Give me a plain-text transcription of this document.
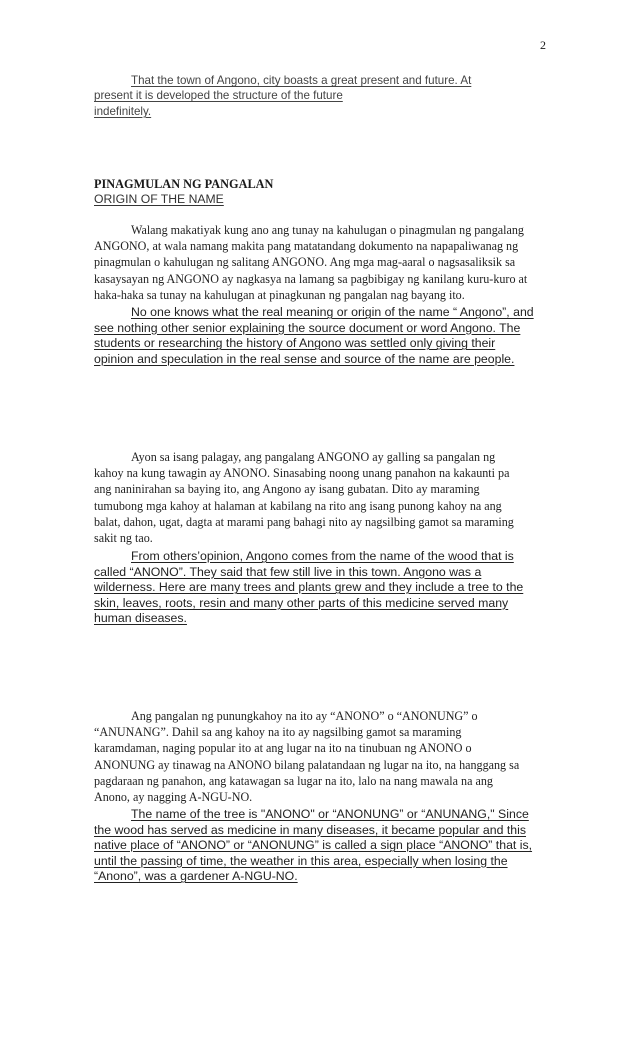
2
That the town of Angono, city boasts a great present and future. At
present it is developed the structure of the future
indefinitely.
PINAGMULAN NG PANGALAN
ORIGIN OF THE NAME
Walang makatiyak kung ano ang tunay na kahulugan o pinagmulan ng pangalang
ANGONO, at wala namang makita pang matatandang dokumento na napapaliwanag ng
pinagmulan o kahulugan ng salitang ANGONO. Ang mga mag-aaral o nagsasaliksik sa
kasaysayan ng ANGONO ay nagkasya na lamang sa pagbibigay ng kanilang kuru-kuro at
haka-haka sa tunay na kahulugan at pinagkunan ng pangalan nag bayang ito.
No one knows what the real meaning or origin of the name “ Angono”, and
see nothing other senior explaining the source document or word Angono. The
students or researching the history of Angono was settled only giving their
opinion and speculation in the real sense and source of the name are people.
Ayon sa isang palagay, ang pangalang ANGONO ay galling sa pangalan ng
kahoy na kung tawagin ay ANONO. Sinasabing noong unang panahon na kakaunti pa
ang naninirahan sa baying ito, ang Angono ay isang gubatan. Dito ay maraming
tumubong mga kahoy at halaman at kabilang na rito ang isang punong kahoy na ang
balat, dahon, ugat, dagta at marami pang bahagi nito ay nagsilbing gamot sa maraming
sakit ng tao.
From others’opinion, Angono comes from the name of the wood that is
called “ANONO”. They said that few still live in this town. Angono was a
wilderness. Here are many trees and plants grew and they include a tree to the
skin, leaves, roots, resin and many other parts of this medicine served many
human diseases.
Ang pangalan ng punungkahoy na ito ay “ANONO” o “ANONUNG” o
“ANUNANG”. Dahil sa ang kahoy na ito ay nagsilbing gamot sa maraming
karamdaman, naging popular ito at ang lugar na ito na tinubuan ng ANONO o
ANONUNG ay tinawag na ANONO bilang palatandaan ng lugar na ito, na hanggang sa
pagdaraan ng panahon, ang katawagan sa lugar na ito, lalo na nang mawala na ang
Anono, ay nagging A-NGU-NO.
The name of the tree is "ANONO" or “ANONUNG” or “ANUNANG," Since
the wood has served as medicine in many diseases, it became popular and this
native place of “ANONO” or “ANONUNG” is called a sign place “ANONO” that is,
until the passing of time, the weather in this area, especially when losing the
“Anono”, was a gardener A-NGU-NO.
